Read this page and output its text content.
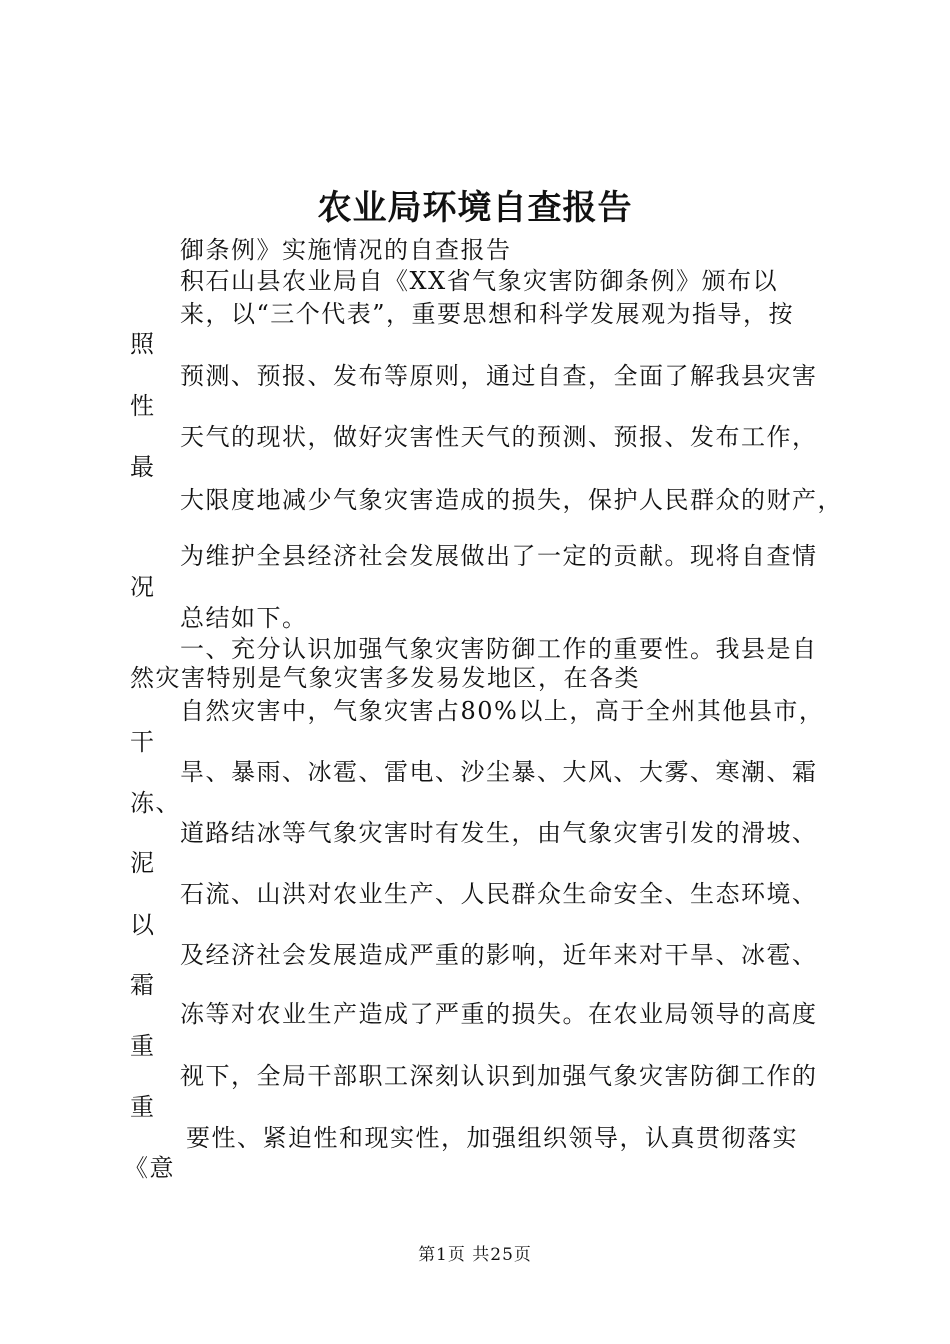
农业局环境自查报告
御条例》实施情况的自查报告
积石山县农业局自《XX省气象灾害防御条例》颁布以
来，以“三个代表”，重要思想和科学发展观为指导，按
照
预测、预报、发布等原则，通过自查，全面了解我县灾害
性
天气的现状，做好灾害性天气的预测、预报、发布工作，
最
大限度地减少气象灾害造成的损失，保护人民群众的财产，
为维护全县经济社会发展做出了一定的贡献。现将自查情
况
总结如下。
一、充分认识加强气象灾害防御工作的重要性。我县是自
然灾害特别是气象灾害多发易发地区，在各类
自然灾害中，气象灾害占80%以上，高于全州其他县市，
干
旱、暴雨、冰雹、雷电、沙尘暴、大风、大雾、寒潮、霜
冻、
道路结冰等气象灾害时有发生，由气象灾害引发的滑坡、
泥
石流、山洪对农业生产、人民群众生命安全、生态环境、
以
及经济社会发展造成严重的影响，近年来对干旱、冰雹、
霜
冻等对农业生产造成了严重的损失。在农业局领导的高度
重
视下，全局干部职工深刻认识到加强气象灾害防御工作的
重
要性、紧迫性和现实性，加强组织领导，认真贯彻落实
《意
第1页 共25页
